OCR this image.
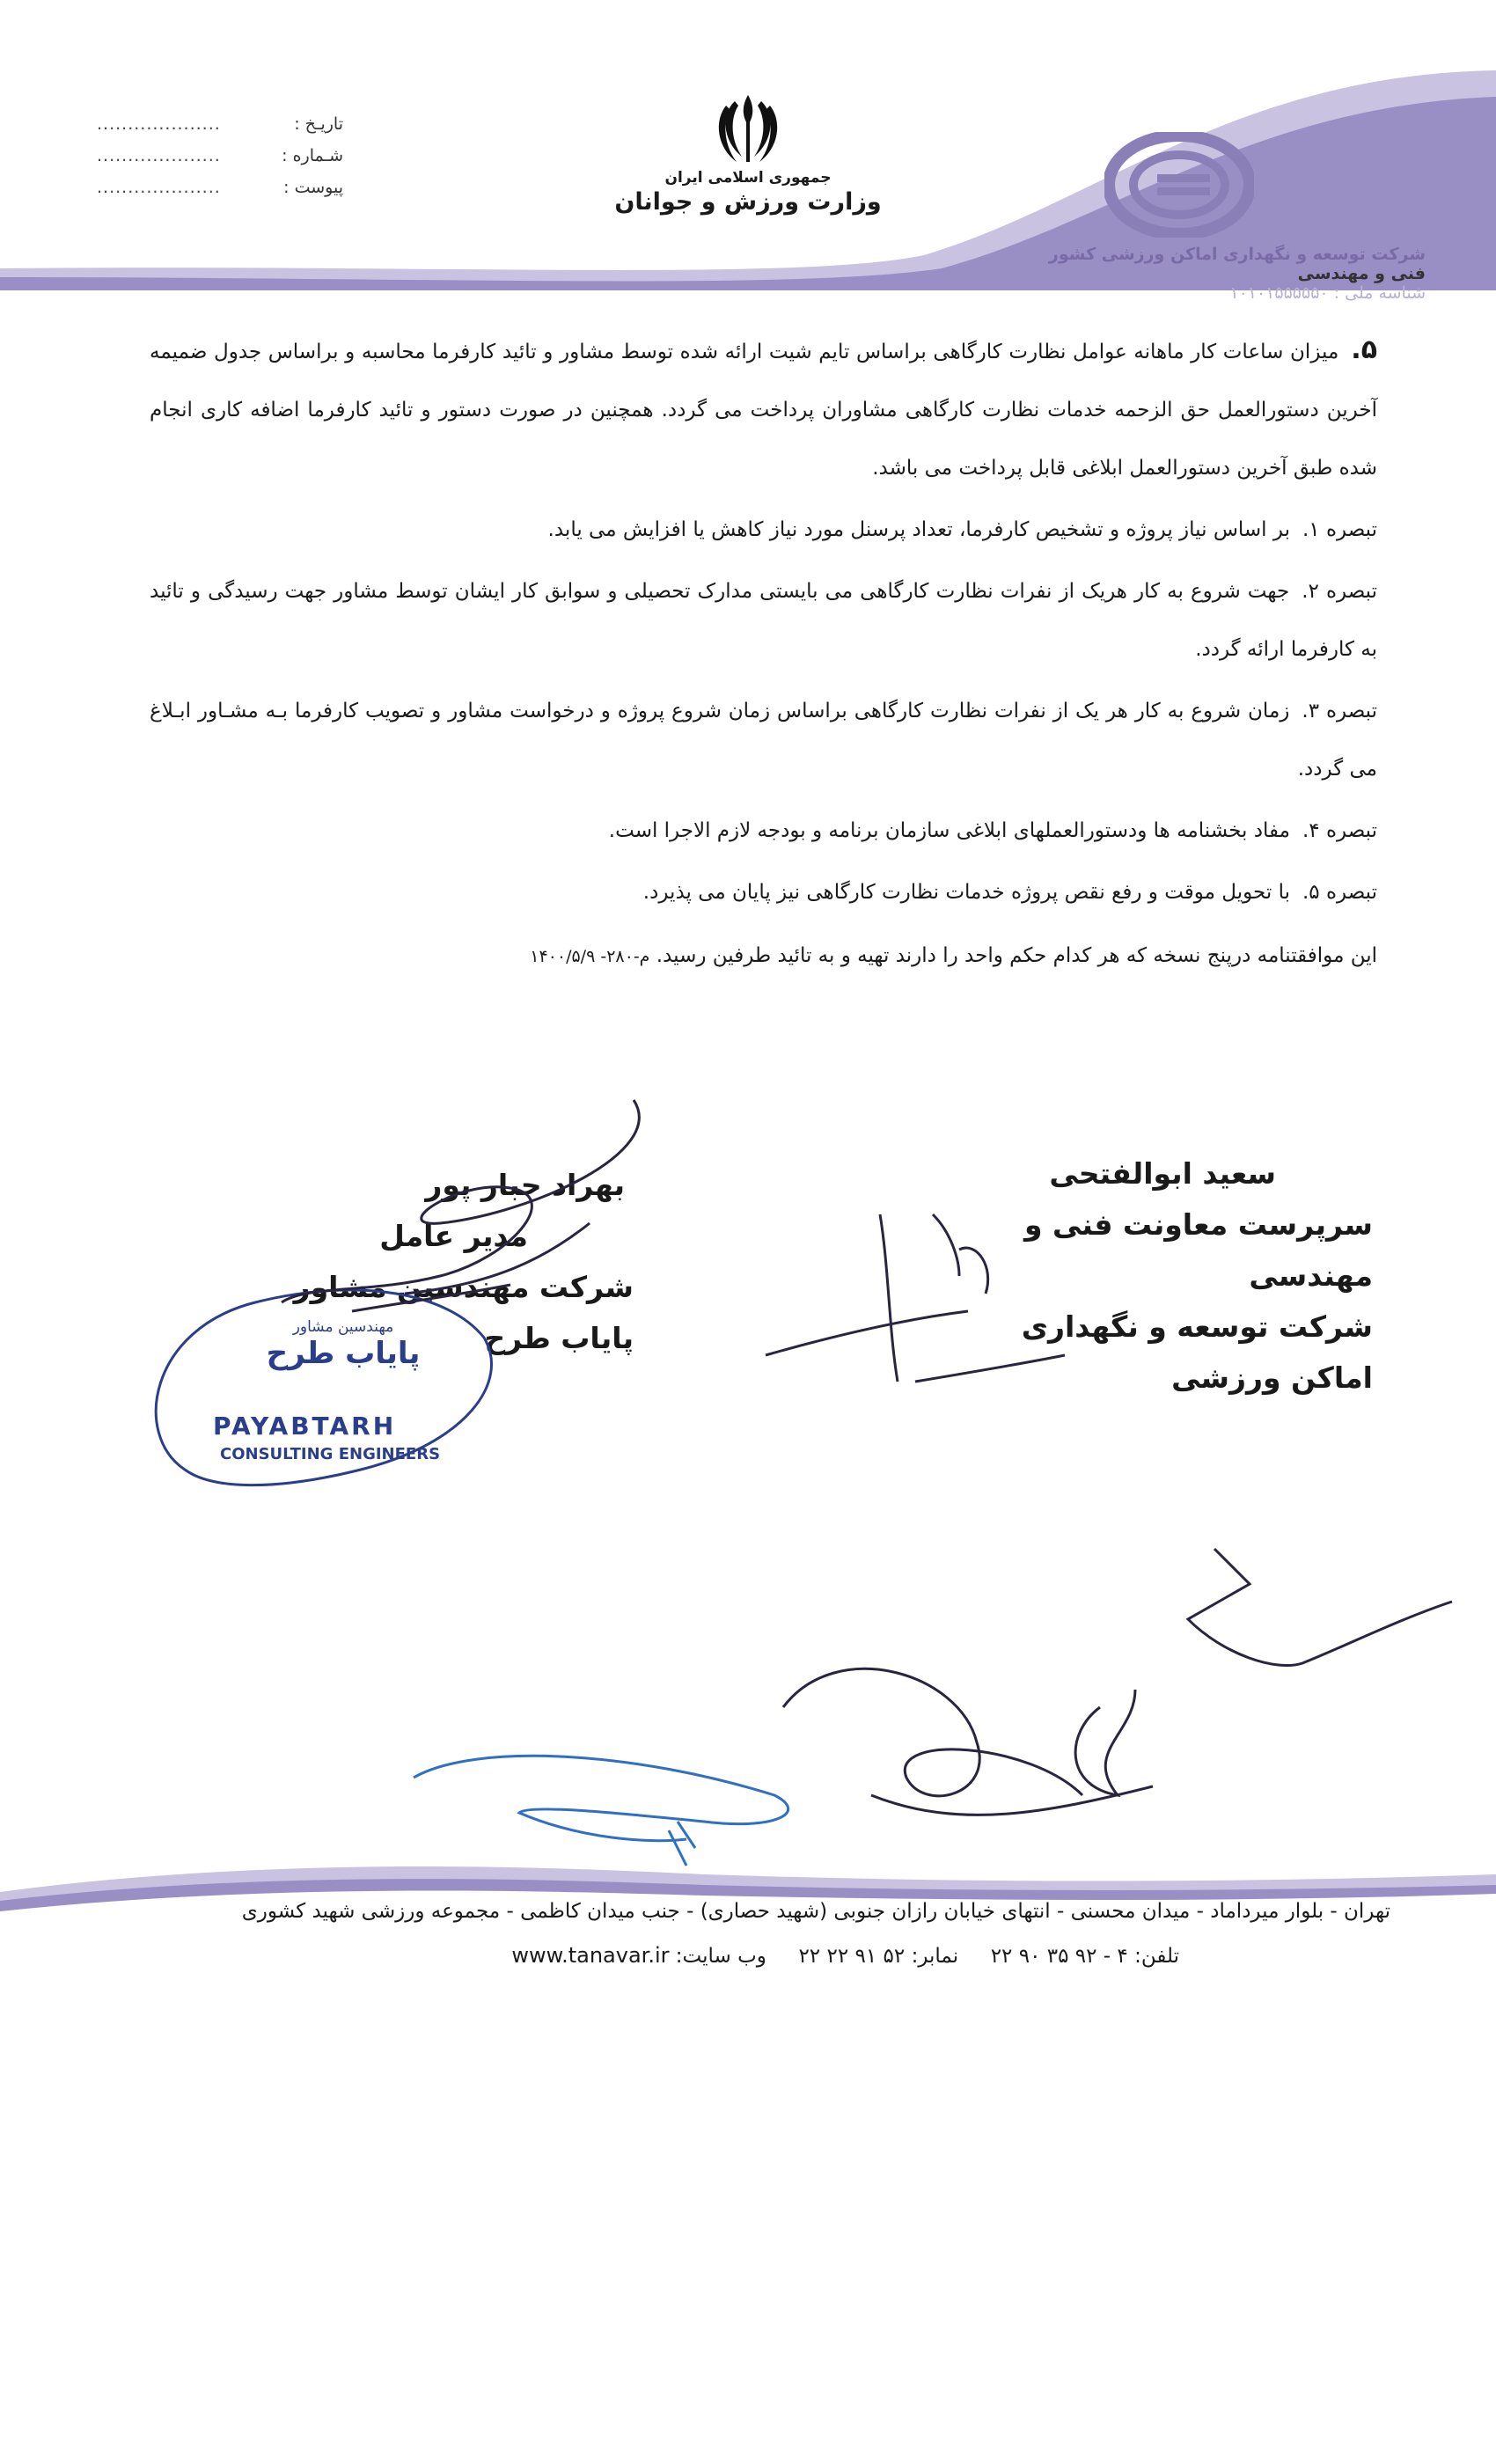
تاریـخ :
....................
شـماره :
....................
پیوست :
....................	جمهوری اسلامی ایران
وزارت ورزش و جوانان
شرکت توسعه و نگهداری اماکن ورزشی کشور
فنی و مهندسی
شناسه ملی : ۱۰۱۰۱۵۵۵۵۵۰

۵.میزان ساعات کار ماهانه عوامل نظارت کارگاهی براساس تایم شیت ارائه شده توسط مشاور و تائید کارفرما محاسبه و براساس جدول ضمیمه آخرین دستورالعمل حق الزحمه خدمات نظارت کارگاهی مشاوران پرداخت می گردد. همچنین در صورت دستور و تائید کارفرما اضافه کاری انجام شده طبق آخرین دستورالعمل ابلاغی قابل پرداخت می باشد.

تبصره ۱.بر اساس نیاز پروژه و تشخیص کارفرما، تعداد پرسنل مورد نیاز کاهش یا افزایش می یابد.
تبصره ۲.جهت شروع به کار هریک از نفرات نظارت کارگاهی می بایستی مدارک تحصیلی و سوابق کار ایشان توسط مشاور جهت رسیدگی و تائید به کارفرما ارائه گردد.
تبصره ۳.زمان شروع به کار هر یک از نفرات نظارت کارگاهی براساس زمان شروع پروژه و درخواست مشاور و تصویب کارفرما بـه مشـاور ابـلاغ می گردد.
تبصره ۴.مفاد بخشنامه ها ودستورالعملهای ابلاغی سازمان برنامه و بودجه لازم الاجرا است.
تبصره ۵.با تحویل موقت و رفع نقص پروژه خدمات نظارت کارگاهی نیز پایان می پذیرد.
این موافقتنامه درپنج نسخه که هر کدام حکم واحد را دارند تهیه و به تائید طرفین رسید. م-۲۸۰- ۱۴۰۰/۵/۹
سعید ابوالفتحی
سرپرست معاونت فنی و مهندسی
شرکت توسعه و نگهداری اماکن ورزشی
بهراد جبار پور
مدیر عامل
شرکت مهندسین مشاور پایاب طرح
مهندسین مشاور
پایاب طرح
PAYABTARH
CONSULTING ENGINEERS
تهران - بلوار میرداماد - میدان محسنی - انتهای خیابان رازان جنوبی (شهید حصاری) - جنب میدان کاظمی - مجموعه ورزشی شهید کشوری
تلفن: ۴ - ۹۲ ۳۵ ۹۰ ۲۲     نمابر: ۵۲ ۹۱ ۲۲ ۲۲     وب سایت: www.tanavar.ir
